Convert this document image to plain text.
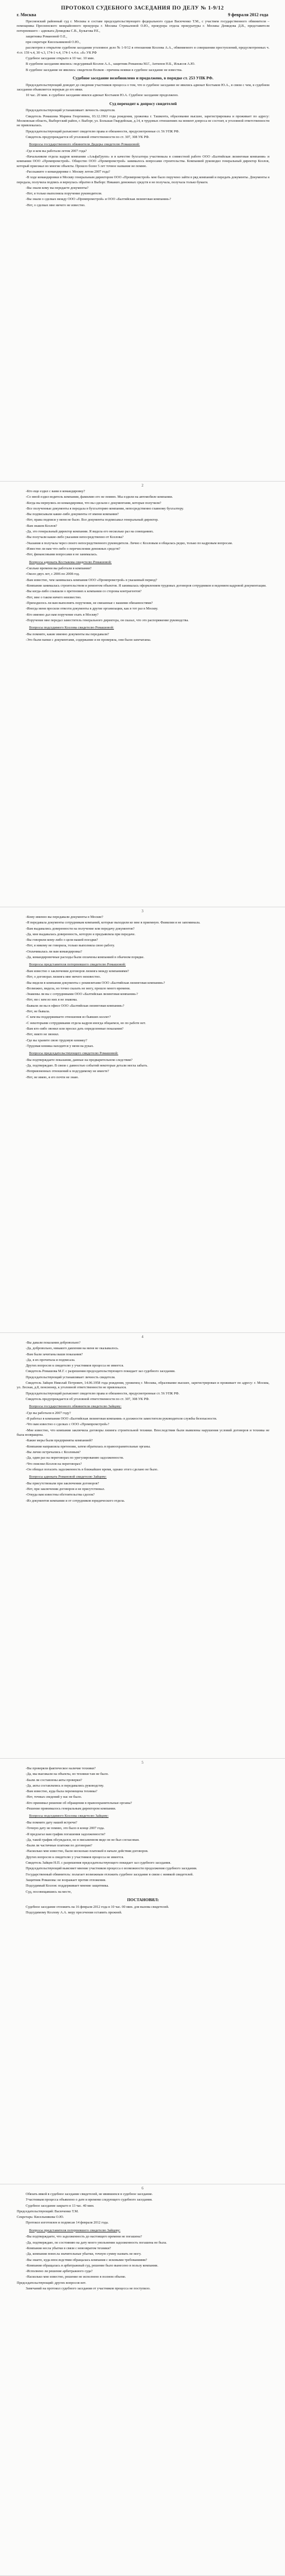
ПРОТОКОЛ СУДЕБНОГО ЗАСЕДАНИЯ ПО ДЕЛУ № 1-9/12
г. Москва	9 февраля 2012 года

Пресненский районный суд г. Москвы в составе председательствующего федерального судьи Васюченко Т.М., с участием государственного обвинителя – помощника Пресненского межрайонного прокурора г. Москвы Стрекаловой О.Ю., прокурора отдела прокуратуры г. Москвы Демидова Д.В., представителя потерпевшего – адвоката Демидова С.В., Булыгова Р.Е.,

защитника Романовой О.Е.,

при секретаре Кисельниковой О.Ю.,

рассмотрев в открытом судебном заседании уголовное дело № 1-9/12 в отношении Козлова А.А., обвиняемого в совершении преступлений, предусмотренных ч. 4 ст. 159 ч.4, 30 ч.3, 174-1 ч.4, 174-1 ч.4 п. «б» УК РФ

Судебное заседание открыто в 10 час. 10 мин.

В судебном заседании явились: подсудимый Козлов А.А., защитник Романова М.Г., Антипов Н.Б., Ильясов А.Ю.

В судебное заседание не явились: свидетели Волков - причина неявки в судебное заседание не известна.

Судебное заседание возобновлено и продолжено, в порядке ст. 253 УПК РФ.

Председательствующий доводит до сведения участников процесса о том, что в судебное заседание не явились адвокат Костыков Ю.А., в связи с чем, в судебном заседании объявляется перерыв до его явки.

10 час. 20 мин. в судебное заседание явился адвокат Костыков Ю.А. Судебное заседание продолжено.

Суд переходит к допросу свидетелей

Председательствующий устанавливает личность свидетеля.

Свидетель Ромашова Марина Георгиевна, 03.12.1963 года рождения, уроженка г. Ташкента, образование высшее, зарегистрирована и проживает по адресу: Московская область, Выборгский район, г. Выборг, ул. Большая Гвардейская, д.14, в трудовых отношениях на момент допроса не состоит, к уголовной ответственности не привлекалась.

Председательствующий разъясняет свидетелю права и обязанности, предусмотренные ст. 56 УПК РФ.

Свидетель предупреждается об уголовной ответственности по ст. 307, 308 УК РФ.

Вопросы государственного обвинителя Дидеры свидетелю Ромашовой:

-Где и кем вы работали летом 2007 года?

-Начальником отдела кадров компании «АльфаГрупп» и в качестве бухгалтера участвовала в совместной работе ООО «Балтийская лизинговая компания» и компании ООО «Промпромстрой». Общество ООО «Промпромстрой» занималось вопросами строительства. Компанией руководил генеральный директор Козлов, который приезжал во многие объекты. Прошло более 5 лет точное название не помню.

-Расскажите о командировке г. Москву летом 2007 года?

-В ходе командировки в Москву генеральным директором ООО «Промпромстрой» мне было поручено зайти в ряд компаний и передать документы. Документы я передала, получила подпись и вернулась обратно в Выборг. Никаких денежных средств я не получала, получала только бумаги.

-Вы знали кому вы передаете документы?

-Нет, я только выполняла поручение руководителя.

-Вы знали о сделках между ООО «Промпромстрой» и ООО «Балтийская лизинговая компания»?

-Нет, о сделках мне ничего не известно.

2

-Кто еще ездил с вами в командировку?

-Со мной ездил водитель компании, фамилию его не помню. Мы ездили на автомобиле компании.

-Когда вы вернулись из командировки, что вы сделали с документами, которые получили?

-Все полученные документы я передала в бухгалтерию компании, непосредственно главному бухгалтеру.

-Вы подписывали какие-либо документы от имени компании?

-Нет, права подписи у меня не было. Все документы подписывал генеральный директор.

-Вам знаком Козлов?

-Да, это генеральный директор компании. Я видела его несколько раз на совещаниях.

-Вы получали какие-либо указания непосредственно от Козлова?

-Указания я получала через своего непосредственного руководителя. Лично с Козловым я общалась редко, только по кадровым вопросам.

-Известно ли вам что-либо о перечислении денежных средств?

-Нет, финансовыми вопросами я не занималась.

Вопросы адвоката Костыкова свидетелю Ромашовой:

-Сколько времени вы работали в компании?

-Около двух лет, с 2006 по 2008 год.

-Вам известно, чем занималась компания ООО «Промпромстрой» в указанный период?

-Компания занималась строительством и ремонтом объектов. Я занималась оформлением трудовых договоров сотрудников и ведением кадровой документации.

-Вы когда-либо слышали о претензиях к компании со стороны контрагентов?

-Нет, мне о таком ничего неизвестно.

-Приходилось ли вам выполнять поручения, не связанные с вашими обязанностями?

-Иногда меня просили отвезти документы в другие организации, как в тот раз в Москву.

-Кто именно дал вам поручение ехать в Москву?

-Поручение мне передал заместитель генерального директора, он сказал, что это распоряжение руководства.

Вопросы подсудимого Козлова свидетелю Ромашовой:

-Вы помните, какие именно документы вы передавали?

-Это были папки с документами, содержание я не проверяла, они были запечатаны.

3

-Кому именно вы передавали документы в Москве?

-Я передавала документы сотрудникам компаний, которые выходили ко мне в приемную. Фамилии я не запоминала.

-Вам выдавались доверенности на получение или передачу документов?

-Да, мне выдавалась доверенность, которую я предъявляла при передаче.

-Вы говорили кому-либо о цели вашей поездки?

-Нет, я никому не говорила, только выполняла свою работу.

-Оплачивалась ли вам командировка?

-Да, командировочные расходы были оплачены компанией в обычном порядке.

Вопросы представителя потерпевшего свидетелю Ромашовой:

-Вам известно о заключении договоров лизинга между компаниями?

-Нет, о договорах лизинга мне ничего неизвестно.

-Вы видели в компании документы с реквизитами ООО «Балтийская лизинговая компания»?

-Возможно, видела, но точно сказать не могу, прошло много времени.

-Знакомы ли вы с сотрудниками ООО «Балтийская лизинговая компания»?

-Нет, ни с кем из них я не знакома.

-Бывали ли вы в офисе ООО «Балтийская лизинговая компания»?

-Нет, не бывала.

-С кем вы поддерживаете отношения из бывших коллег?

-С некоторыми сотрудниками отдела кадров иногда общаемся, но по работе нет.

-Вам кто-либо звонил или просил дать определенные показания?

-Нет, никто не звонил.

-Где вы храните свою трудовую книжку?

-Трудовая книжка находится у меня на руках.

Вопросы председательствующего свидетелю Ромашовой:

-Вы подтверждаете показания, данные на предварительном следствии?

-Да, подтверждаю. В связи с давностью событий некоторые детали могла забыть.

-Неприязненных отношений к подсудимому не имеете?

-Нет, не имею, я его почти не знаю.

4

-Вы давали показания добровольно?

-Да, добровольно, никакого давления на меня не оказывалось.

-Вам были зачитаны ваши показания?

-Да, я их прочитала и подписала.

Других вопросов к свидетелю у участников процесса не имеется.

Свидетель Ромашова М.Г. с разрешения председательствующего покидает зал судебного заседания.

Председательствующий устанавливает личность свидетеля.

Свидетель Зайцев Николай Петрович, 14.06.1958 года рождения, уроженец г. Москвы, образование высшее, зарегистрирован и проживает по адресу: г. Москва, ул. Лесная, д.8, пенсионер, к уголовной ответственности не привлекался.

Председательствующий разъясняет свидетелю права и обязанности, предусмотренные ст. 56 УПК РФ.

Свидетель предупреждается об уголовной ответственности по ст. 307, 308 УК РФ.

Вопросы государственного обвинителя свидетелю Зайцеву:

-Где вы работали в 2007 году?

-Я работал в компании ООО «Балтийская лизинговая компания» в должности заместителя руководителя службы безопасности.

-Что вам известно о сделках с ООО «Промпромстрой»?

-Мне известно, что компания заключила договоры лизинга строительной техники. Впоследствии были выявлены нарушения условий договоров и техника не была возвращена.

-Какие меры были предприняты компанией?

-Компания направляла претензии, затем обратилась в правоохранительные органы.

-Вы лично встречались с Козловым?

-Да, один раз на переговорах по урегулированию задолженности.

-Что пояснял Козлов на переговорах?

-Он обещал погасить задолженность в ближайшее время, однако этого сделано не было.

Вопросы адвоката Романовой свидетелю Зайцеву:

-Вы присутствовали при заключении договоров?

-Нет, при заключении договоров я не присутствовал.

-Откуда вам известны обстоятельства сделок?

-Из документов компании и от сотрудников юридического отдела.

5

-Вы проверяли фактическое наличие техники?

-Да, мы выезжали на объекты, но техники там не было.

-Были ли составлены акты проверки?

-Да, акты составлялись и передавались руководству.

-Вам известно, куда была перемещена техника?

-Нет, точных сведений у нас не было.

-Кто принимал решение об обращении в правоохранительные органы?

-Решение принималось генеральным директором компании.

Вопросы подсудимого Козлова свидетелю Зайцеву:

-Вы помните дату нашей встречи?

-Точную дату не помню, это было в конце 2007 года.

-Я предлагал вам график погашения задолженности?

-Да, такой график обсуждался, но в письменном виде он не был согласован.

-Были ли частичные платежи по договорам?

-Насколько мне известно, были несколько платежей в начале действия договоров.

Других вопросов к свидетелю у участников процесса не имеется.

Свидетель Зайцев Н.П. с разрешения председательствующего покидает зал судебного заседания.

Председательствующий выясняет мнение участников процесса о возможности продолжения судебного заседания.

Государственный обвинитель: полагает возможным отложить судебное заседание в связи с неявкой свидетелей.

Защитник Романова: не возражает против отложения.

Подсудимый Козлов: поддерживает мнение защитника.

Суд, посовещавшись на месте,

ПОСТАНОВИЛ:

Судебное заседание отложить на 16 февраля 2012 года в 10 час. 00 мин. для вызова свидетелей.

Подсудимому Козлову А.А. меру пресечения оставить прежней.

6

Обязать явкой в судебное заседание свидетелей, не явившихся в судебное заседание.

Участникам процесса объявлено о дате и времени следующего судебного заседания.

Судебное заседание закрыто в 13 час. 40 мин.

Председательствующий: Васюченко Т.М.

Секретарь: Кисельникова О.Ю.

Протокол изготовлен и подписан 14 февраля 2012 года.

Вопросы представителя потерпевшего свидетелю Зайцеву:

-Вы подтверждаете, что задолженность до настоящего времени не погашена?

-Да, подтверждаю, по состоянию на дату моего увольнения задолженность погашена не была.

-Компания несла убытки в связи с невозвратом техники?

-Да, компания понесла значительные убытки, точную сумму назвать не могу.

-Вы знаете, куда впоследствии обращалась компания с исковыми требованиями?

-Компания обращалась в арбитражный суд, решение было вынесено в пользу компании.

-Исполнено ли решение арбитражного суда?

-Насколько мне известно, решение не исполнено в полном объеме.

Председательствующий: других вопросов нет.

Замечаний на протокол судебного заседания от участников процесса не поступило.
